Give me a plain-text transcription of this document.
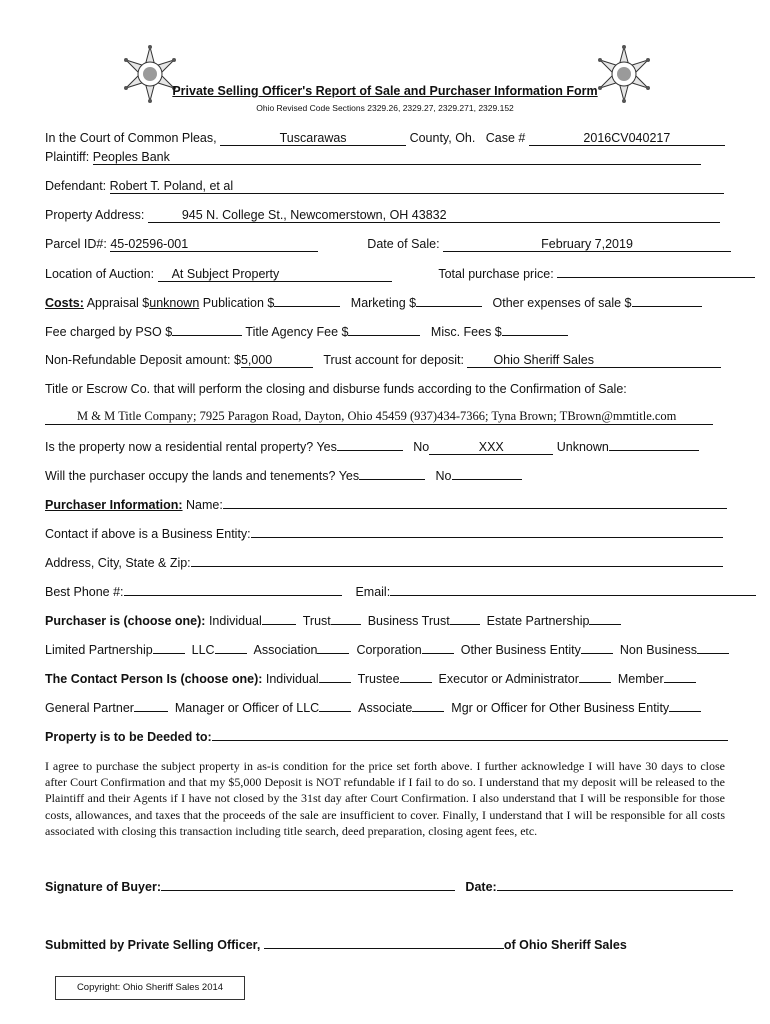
Private Selling Officer's Report of Sale and Purchaser Information Form
Ohio Revised Code Sections 2329.26, 2329.27, 2329.271, 2329.152
In the Court of Common Pleas,	Tuscarawas	County, Oh. Case #	2016CV040217
Plaintiff: Peoples Bank
Defendant: Robert T. Poland, et al
Property Address:	945 N. College St., Newcomerstown, OH 43832
Parcel ID#: 45-02596-001	Date of Sale:	February 7,2019
Location of Auction: At Subject Property	Total purchase price:
Costs: Appraisal $unknown Publication $	Marketing $	Other expenses of sale $
Fee charged by PSO $	Title Agency Fee $	Misc. Fees $
Non-Refundable Deposit amount: $5,000	Trust account for deposit: Ohio Sheriff Sales
Title or Escrow Co. that will perform the closing and disburse funds according to the Confirmation of Sale:
M & M Title Company; 7925 Paragon Road, Dayton, Ohio 45459 (937)434-7366; Tyna Brown; TBrown@mmtitle.com
Is the property now a residential rental property? Yes	No	XXX	Unknown
Will the purchaser occupy the lands and tenements? Yes	No
Purchaser Information: Name:
Contact if above is a Business Entity:
Address, City, State & Zip:
Best Phone #:	Email:
Purchaser is (choose one): Individual	Trust	Business Trust	Estate Partnership
Limited Partnership	LLC	Association	Corporation	Other Business Entity	Non Business
The Contact Person Is (choose one): Individual	Trustee	Executor or Administrator	Member
General Partner	Manager or Officer of LLC	Associate	Mgr or Officer for Other Business Entity
Property is to be Deeded to:
I agree to purchase the subject property in as-is condition for the price set forth above. I further acknowledge I will have 30 days to close after Court Confirmation and that my $5,000 Deposit is NOT refundable if I fail to do so. I understand that my deposit will be released to the Plaintiff and their Agents if I have not closed by the 31st day after Court Confirmation. I also understand that I will be responsible for those costs, allowances, and taxes that the proceeds of the sale are insufficient to cover. Finally, I understand that I will be responsible for all costs associated with closing this transaction including title search, deed preparation, closing agent fees, etc.
Signature of Buyer:	Date:
Submitted by Private Selling Officer,	of Ohio Sheriff Sales
Copyright: Ohio Sheriff Sales 2014
